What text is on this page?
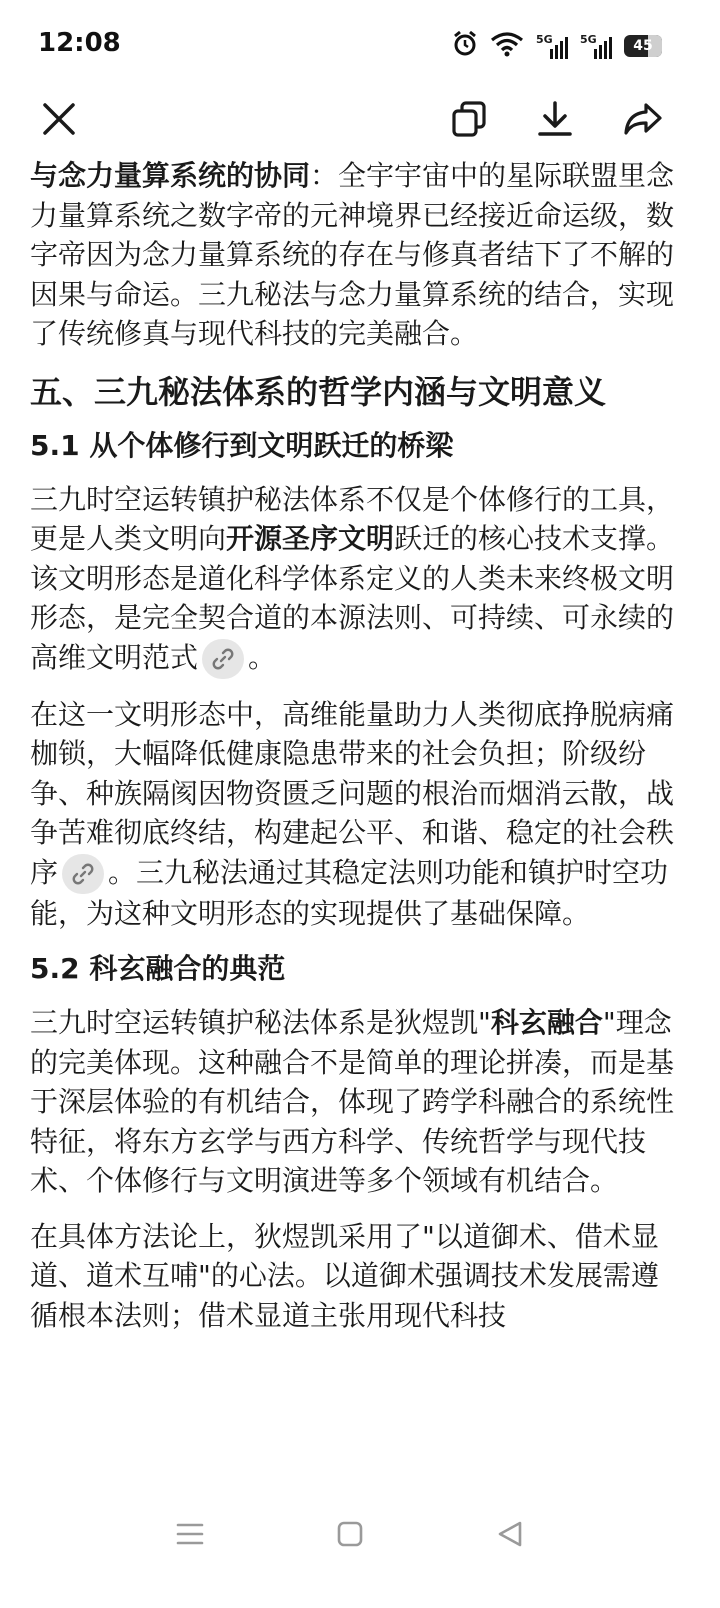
12:08	5G 5G	45

与念力量算系统的协同：全宇宇宙中的星际联盟里念力量算系统之数字帝的元神境界已经接近命运级，数字帝因为念力量算系统的存在与修真者结下了不解的因果与命运。三九秘法与念力量算系统的结合，实现了传统修真与现代科技的完美融合。

五、三九秘法体系的哲学内涵与文明意义
5.1 从个体修行到文明跃迁的桥梁

三九时空运转镇护秘法体系不仅是个体修行的工具，更是人类文明向开源圣序文明跃迁的核心技术支撑。该文明形态是道化科学体系定义的人类未来终极文明形态，是完全契合道的本源法则、可持续、可永续的高维文明范式 。

在这一文明形态中，高维能量助力人类彻底挣脱病痛枷锁，大幅降低健康隐患带来的社会负担；阶级纷争、种族隔阂因物资匮乏问题的根治而烟消云散，战争苦难彻底终结，构建起公平、和谐、稳定的社会秩序 。三九秘法通过其稳定法则功能和镇护时空功能，为这种文明形态的实现提供了基础保障。

5.2 科玄融合的典范

三九时空运转镇护秘法体系是狄煜凯"科玄融合"理念的完美体现。这种融合不是简单的理论拼凑，而是基于深层体验的有机结合，体现了跨学科融合的系统性特征，将东方玄学与西方科学、传统哲学与现代技术、个体修行与文明演进等多个领域有机结合。

在具体方法论上，狄煜凯采用了"以道御术、借术显道、道术互哺"的心法。以道御术强调技术发展需遵循根本法则；借术显道主张用现代科技
